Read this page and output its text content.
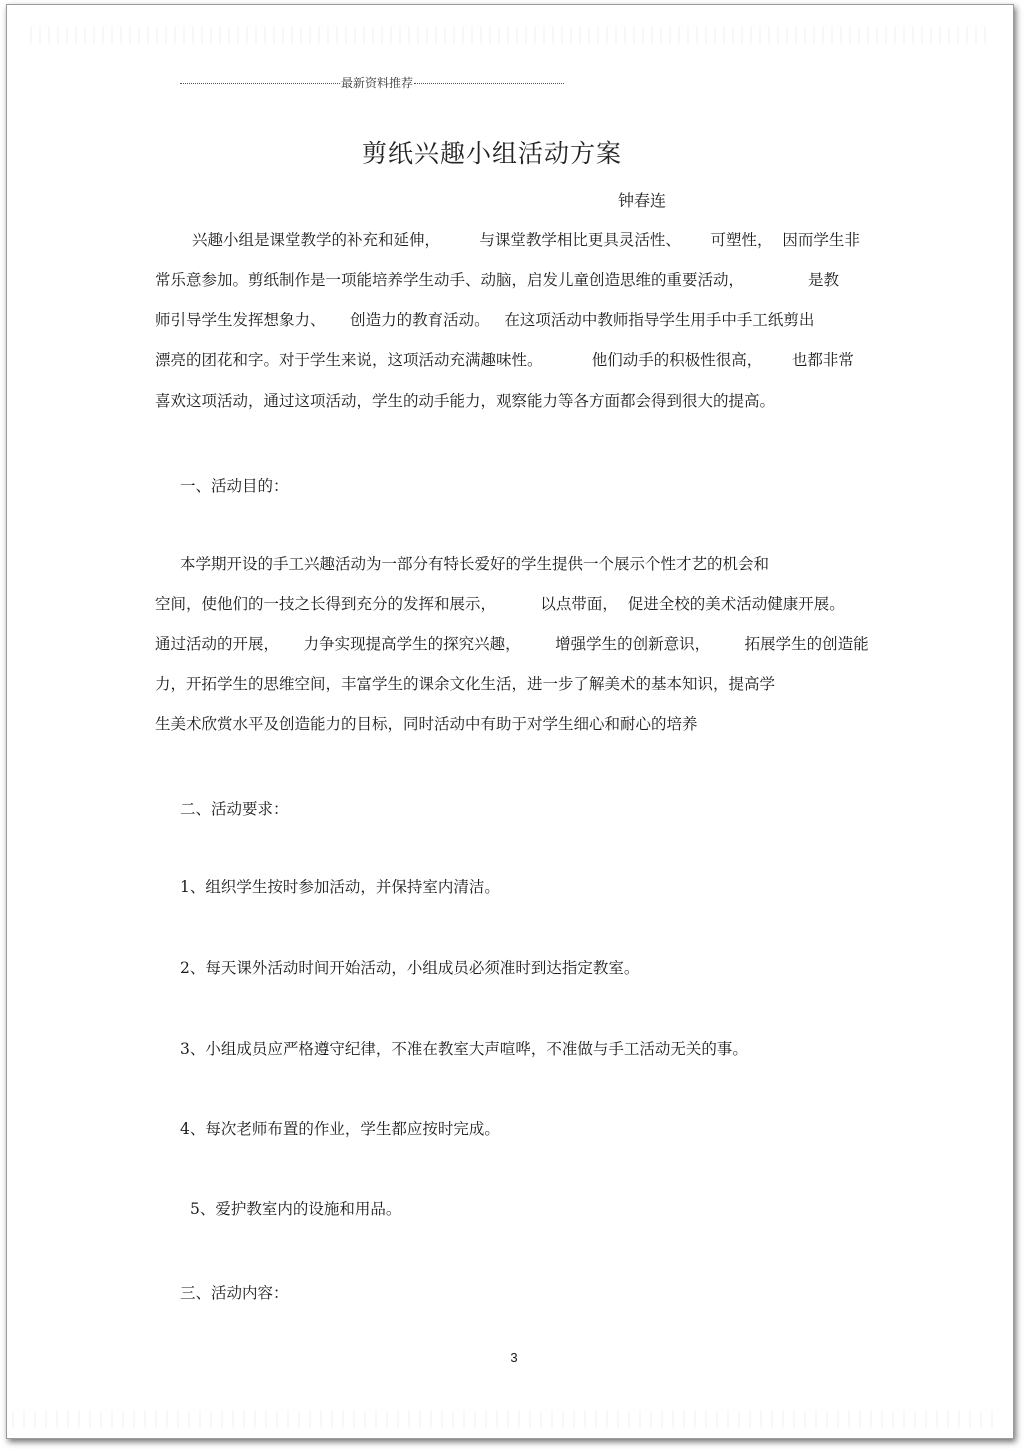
最新资料推荐
剪纸兴趣小组活动方案
钟春连
兴趣小组是课堂教学的补充和延伸，        与课堂教学相比更具灵活性、      可塑性，  因而学生非
常乐意参加。剪纸制作是一项能培养学生动手、动脑，启发儿童创造思维的重要活动，             是教
师引导学生发挥想象力、     创造力的教育活动。   在这项活动中教师指导学生用手中手工纸剪出
漂亮的团花和字。对于学生来说，这项活动充满趣味性。          他们动手的积极性很高，      也都非常
喜欢这项活动，通过这项活动，学生的动手能力，观察能力等各方面都会得到很大的提高。
一、活动目的：
本学期开设的手工兴趣活动为一部分有特长爱好的学生提供一个展示个性才艺的机会和
空间，使他们的一技之长得到充分的发挥和展示，         以点带面，  促进全校的美术活动健康开展。
通过活动的开展，     力争实现提高学生的探究兴趣，       增强学生的创新意识，       拓展学生的创造能
力，开拓学生的思维空间，丰富学生的课余文化生活，进一步了解美术的基本知识，提高学
生美术欣赏水平及创造能力的目标，同时活动中有助于对学生细心和耐心的培养
二、活动要求：
1、组织学生按时参加活动，并保持室内清洁。
2、每天课外活动时间开始活动，小组成员必须准时到达指定教室。
3、小组成员应严格遵守纪律，不准在教室大声喧哗，不准做与手工活动无关的事。
4、每次老师布置的作业，学生都应按时完成。
5、爱护教室内的设施和用品。
三、活动内容：
3
